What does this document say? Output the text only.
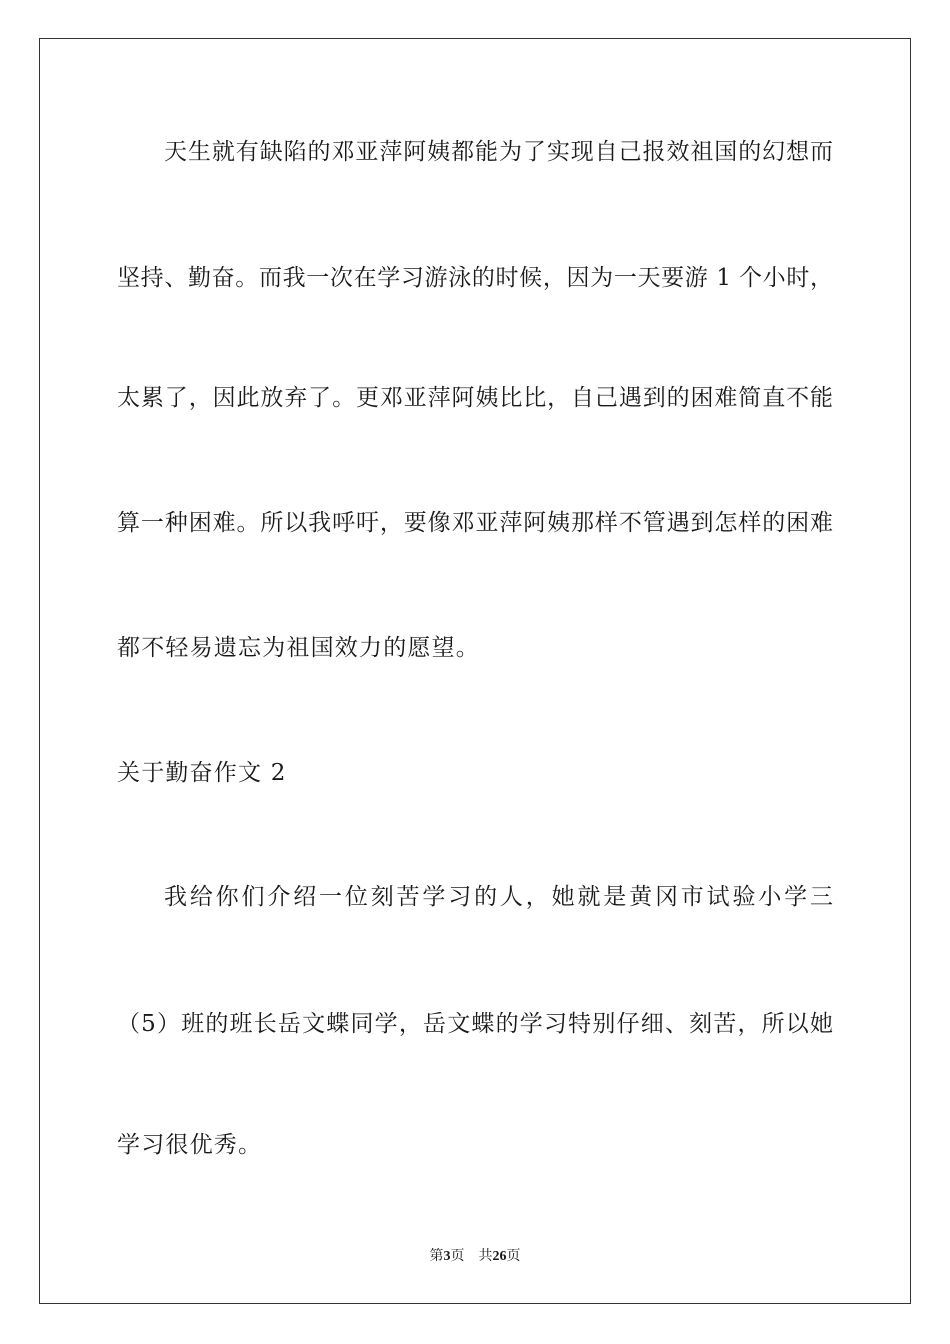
天生就有缺陷的邓亚萍阿姨都能为了实现自己报效祖国的幻想而
坚持、勤奋。而我一次在学习游泳的时候，因为一天要游 1 个小时，
太累了，因此放弃了。更邓亚萍阿姨比比，自己遇到的困难简直不能
算一种困难。所以我呼吁，要像邓亚萍阿姨那样不管遇到怎样的困难
都不轻易遗忘为祖国效力的愿望。
关于勤奋作文 2
我给你们介绍一位刻苦学习的人，她就是黄冈市试验小学三
（5）班的班长岳文蝶同学，岳文蝶的学习特别仔细、刻苦，所以她
学习很优秀。
第3页 共26页
